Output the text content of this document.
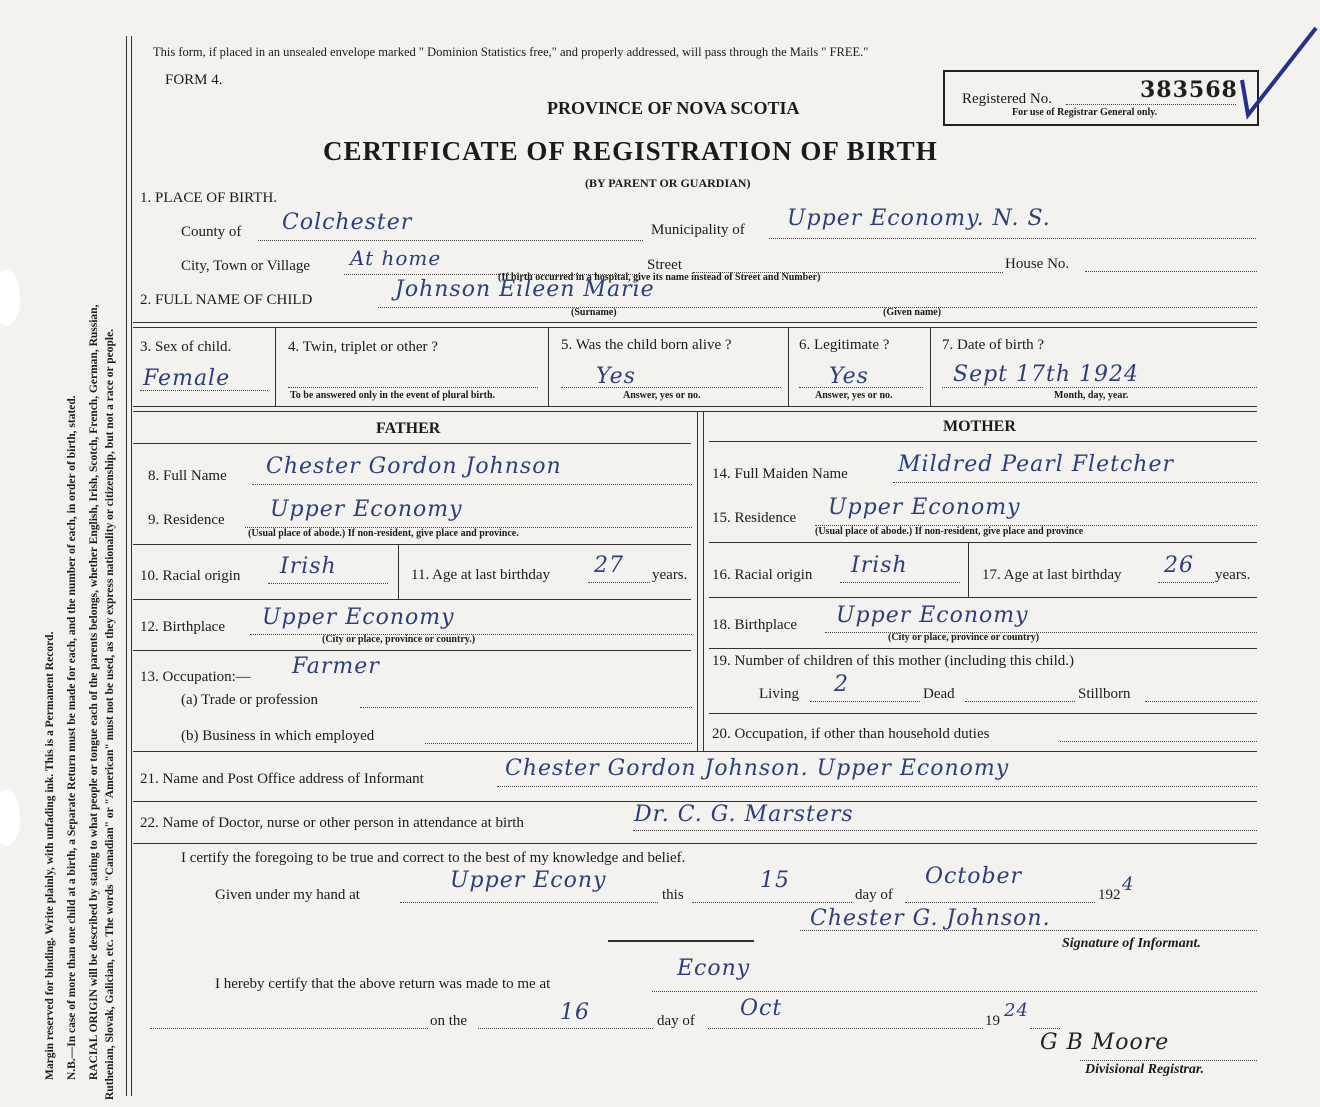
Margin reserved for binding. Write plainly, with unfading ink. This is a Permanent Record. N.B.—In case of more than one child at a birth, a Separate Return must be made for each, and the number of each, in order of birth, stated. RACIAL ORIGIN will be described by stating to what people or tongue each of the parents belongs, whether English, Irish, Scotch, French, German, Russian, Ruthenian, Slovak, Galician, etc. The words "Canadian" or "American" must not be used, as they express nationality or citizenship, but not a race or people.
This form, if placed in an unsealed envelope marked " Dominion Statistics free," and properly addressed, will pass through the Mails " FREE."
FORM 4.
PROVINCE OF NOVA SCOTIA
CERTIFICATE OF REGISTRATION OF BIRTH
(BY PARENT OR GUARDIAN)
Registered No.	383568
For use of Registrar General only.
1. PLACE OF BIRTH.
County of Colchester	Municipality of Upper Economy. N. S.
City, Town or Village At home	Street	House No.
(If birth occurred in a hospital, give its name instead of Street and Number)
2. FULL NAME OF CHILD	Johnson Eileen Marie
(Surname)	(Given name)
3. Sex of child.
Female
4. Twin, triplet or other ?
To be answered only in the event of plural birth.
5. Was the child born alive ?
Yes
Answer, yes or no.
6. Legitimate ?
Yes
Answer, yes or no.
7. Date of birth ?
Sept 17th 1924
Month, day, year.
FATHER	MOTHER
8. Full Name Chester Gordon Johnson
9. Residence Upper Economy
(Usual place of abode.) If non-resident, give place and province.
10. Racial origin Irish	11. Age at last birthday 27 years.
12. Birthplace Upper Economy
(City or place, province or country.)
13. Occupation:— Farmer
(a) Trade or profession
(b) Business in which employed
14. Full Maiden Name Mildred Pearl Fletcher
15. Residence Upper Economy
(Usual place of abode.) If non-resident, give place and province
16. Racial origin Irish	17. Age at last birthday 26 years.
18. Birthplace Upper Economy
(City or place, province or country)
19. Number of children of this mother (including this child.)
Living 2	Dead	Stillborn
20. Occupation, if other than household duties
21. Name and Post Office address of Informant	Chester Gordon Johnson. Upper Economy
22. Name of Doctor, nurse or other person in attendance at birth	Dr. C. G. Marsters
I certify the foregoing to be true and correct to the best of my knowledge and belief.
Given under my hand at
Upper Econy
this
15
day of
October
192 4
Chester G. Johnson.
Signature of Informant.
I hereby certify that the above return was made to me at
Econy
on the	16	day of Oct	19 24
G B Moore
Divisional Registrar.
